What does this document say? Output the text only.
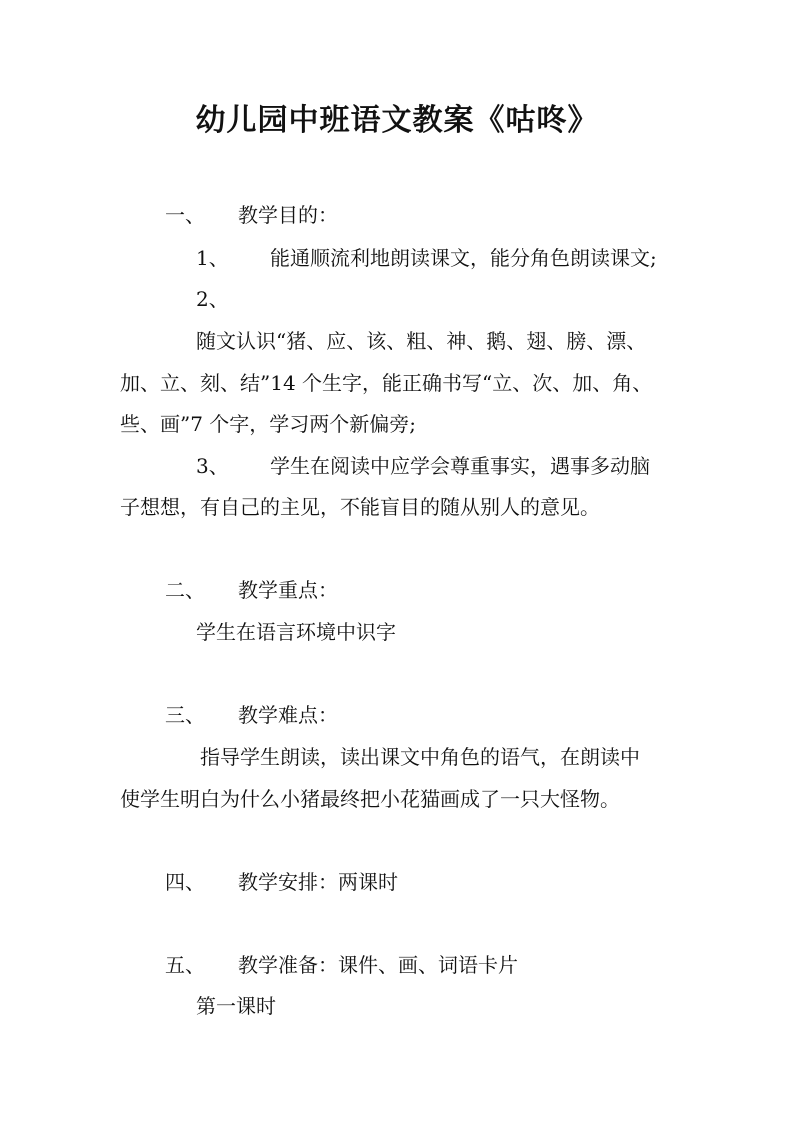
幼儿园中班语文教案《咕咚》
一、 教学目的：
1、 能通顺流利地朗读课文，能分角色朗读课文;
2、
随文认识“猪、应、该、粗、神、鹅、翅、膀、漂、
加、立、刻、结”14 个生字，能正确书写“立、次、加、角、
些、画”7 个字，学习两个新偏旁;
3、 学生在阅读中应学会尊重事实，遇事多动脑
子想想，有自己的主见，不能盲目的随从别人的意见。
二、 教学重点：
学生在语言环境中识字
三、 教学难点：
指导学生朗读，读出课文中角色的语气，在朗读中
使学生明白为什么小猪最终把小花猫画成了一只大怪物。
四、 教学安排：两课时
五、 教学准备：课件、画、词语卡片
第一课时
